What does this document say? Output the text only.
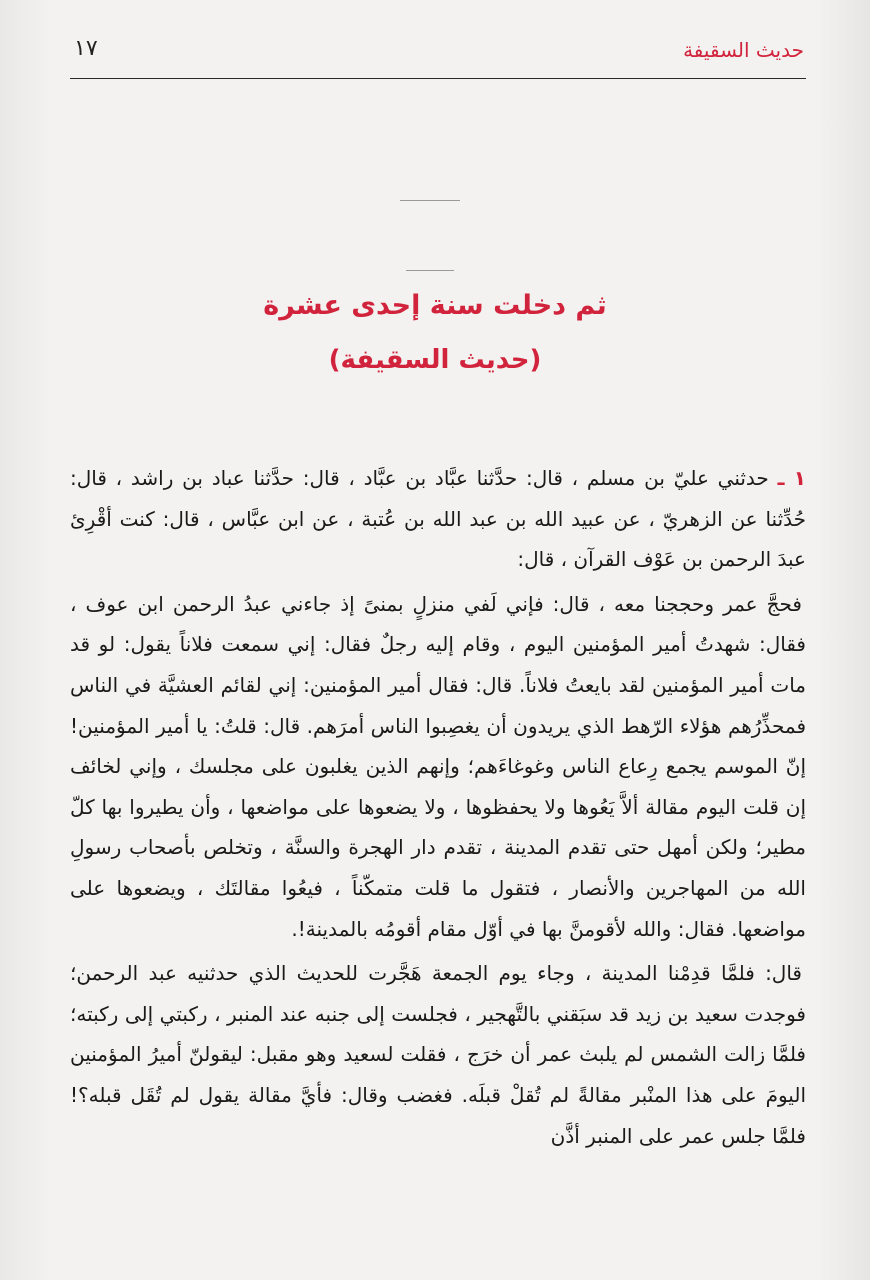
١٧	حديث السقيفة
ثم دخلت سنة إحدى عشرة
(حديث السقيفة)

١ ـ حدثني عليّ بن مسلم ، قال: حدَّثنا عبَّاد بن عبَّاد ، قال: حدَّثنا عباد بن راشد ، قال: حُدِّثنا عن الزهريّ ، عن عبيد الله بن عبد الله بن عُتبة ، عن ابن عبَّاس ، قال: كنت أقْرِئ عبدَ الرحمن بن عَوْف القرآن ، قال:

فحجَّ عمر وحججنا معه ، قال: فإني لَفي منزلٍ بمنىً إذ جاءني عبدُ الرحمن ابن عوف ، فقال: شهدتُ أمير المؤمنين اليوم ، وقام إليه رجلٌ فقال: إني سمعت فلاناً يقول: لو قد مات أمير المؤمنين لقد بايعتُ فلاناً. قال: فقال أمير المؤمنين: إني لقائم العشيَّة في الناس فمحذِّرُهم هؤلاء الرّهط الذي يريدون أن يغصِبوا الناس أمرَهم. قال: قلتُ: يا أمير المؤمنين! إنّ الموسم يجمع رِعاع الناس وغوغاءَهم؛ وإنهم الذين يغلبون على مجلسك ، وإني لخائف إن قلت اليوم مقالة ألاَّ يَعُوها ولا يحفظوها ، ولا يضعوها على مواضعها ، وأن يطيروا بها كلّ مطير؛ ولكن أمهل حتى تقدم المدينة ، تقدم دار الهجرة والسنَّة ، وتخلص بأصحاب رسولِ الله من المهاجرين والأنصار ، فتقول ما قلت متمكّناً ، فيعُوا مقالتَك ، ويضعوها على مواضعها. فقال: والله لأقومنَّ بها في أوّل مقام أقومُه بالمدينة!.

قال: فلمَّا قدِمْنا المدينة ، وجاء يوم الجمعة هَجَّرت للحديث الذي حدثنيه عبد الرحمن؛ فوجدت سعيد بن زيد قد سبَقني بالتَّهجير ، فجلست إلى جنبه عند المنبر ، ركبتي إلى ركبته؛ فلمَّا زالت الشمس لم يلبث عمر أن خرَج ، فقلت لسعيد وهو مقبل: ليقولنّ أميرُ المؤمنين اليومَ على هذا المنْبر مقالةً لم تُقلْ قبلَه. فغضب وقال: فأيَّ مقالة يقول لم تُقَل قبله؟! فلمَّا جلس عمر على المنبر أذَّن
